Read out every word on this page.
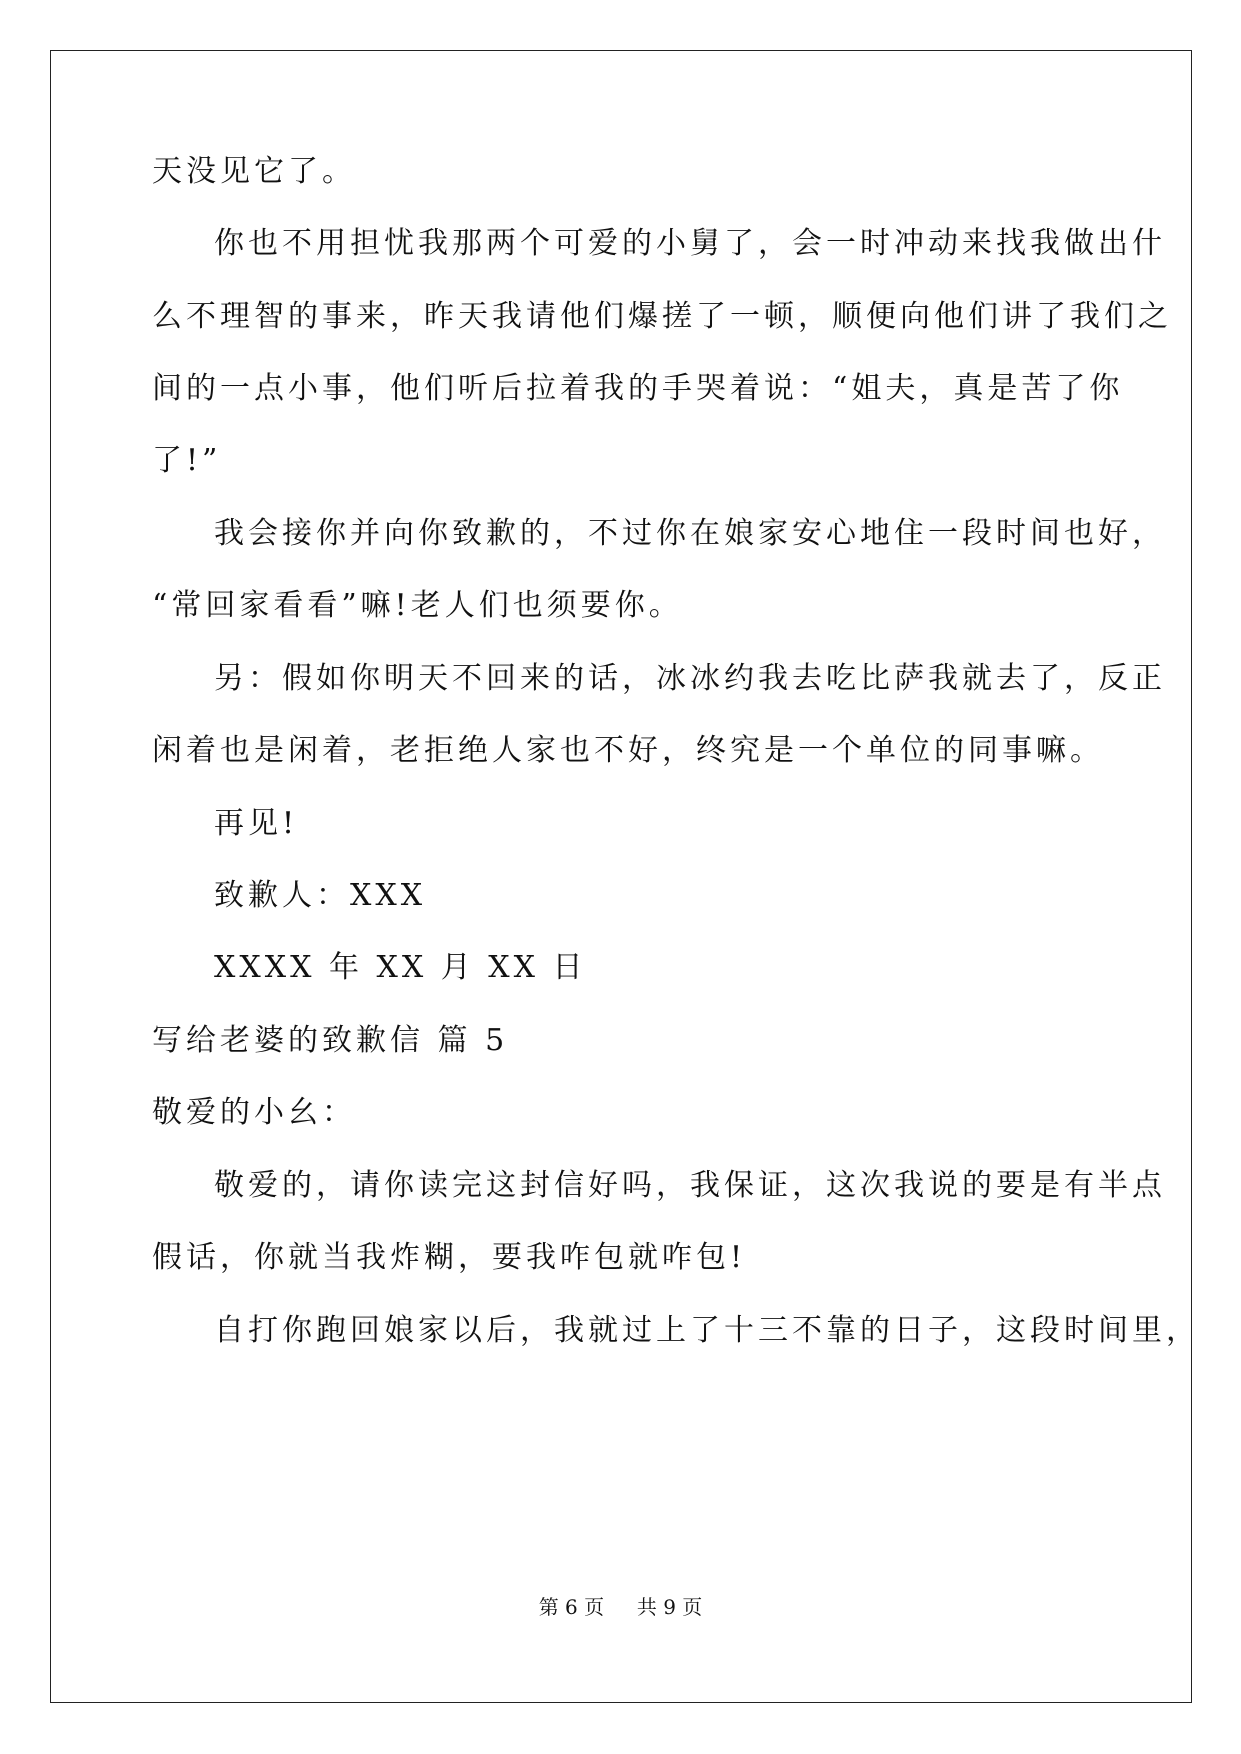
天没见它了。
你也不用担忧我那两个可爱的小舅了，会一时冲动来找我做出什
么不理智的事来，昨天我请他们爆搓了一顿，顺便向他们讲了我们之
间的一点小事，他们听后拉着我的手哭着说：“姐夫，真是苦了你
了!”
我会接你并向你致歉的，不过你在娘家安心地住一段时间也好，
“常回家看看”嘛!老人们也须要你。
另：假如你明天不回来的话，冰冰约我去吃比萨我就去了，反正
闲着也是闲着，老拒绝人家也不好，终究是一个单位的同事嘛。
再见!
致歉人：XXX
XXXX 年 XX 月 XX 日
写给老婆的致歉信 篇 5
敬爱的小幺：
敬爱的，请你读完这封信好吗，我保证，这次我说的要是有半点
假话，你就当我炸糊，要我咋包就咋包!
自打你跑回娘家以后，我就过上了十三不靠的日子，这段时间里，
第 6 页 共 9 页
